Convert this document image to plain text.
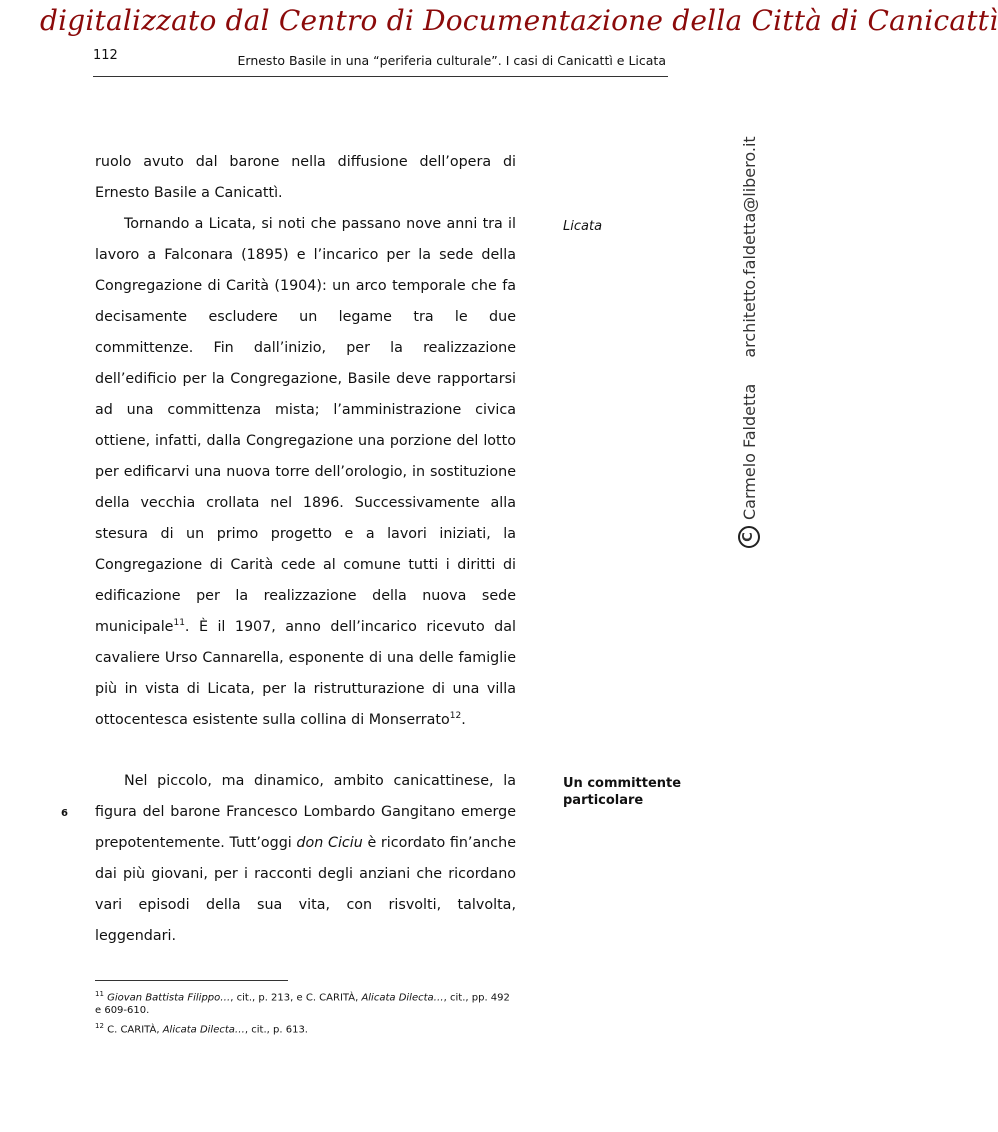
digitalizzato dal Centro di Documentazione della Città di Canicattì
112	Ernesto Basile in una “periferia culturale”. I casi di Canicattì e Licata

ruolo avuto dal barone nella diffusione dell’opera di Ernesto Basile a Canicattì.

Tornando a Licata, si noti che passano nove anni tra il lavoro a Falconara (1895) e l’incarico per la sede della Congregazione di Carità (1904): un arco temporale che fa decisamente escludere un legame tra le due committenze. Fin dall’inizio, per la realizzazione dell’edificio per la Congregazione, Basile deve rapportarsi ad una committenza mista; l’amministrazione civica ottiene, infatti, dalla Congregazione una porzione del lotto per edificarvi una nuova torre dell’orologio, in sostituzione della vecchia crollata nel 1896. Successivamente alla stesura di un primo progetto e a lavori iniziati, la Congregazione di Carità cede al comune tutti i diritti di edificazione per la realizzazione della nuova sede municipale$^{11}$. È il 1907, anno dell’incarico ricevuto dal cavaliere Urso Cannarella, esponente di una delle famiglie più in vista di Licata, per la ristrutturazione di una villa ottocentesca esistente sulla collina di Monserrato$^{12}$.

Nel piccolo, ma dinamico, ambito canicattinese, la figura del barone Francesco Lombardo Gangitano emerge prepotentemente. Tutt’oggi don Ciciu è ricordato fin’anche dai più giovani, per i racconti degli anziani che ricordano vari episodi della sua vita, con risvolti, talvolta, leggendari.

Licata
Un committente particolare
6
C
Carmelo Faldetta
architetto.faldetta@libero.it

$^{11}$ Giovan Battista Filippo…, cit., p. 213, e C. CARITÀ, Alicata Dilecta…, cit., pp. 492 e 609-610.

$^{12}$ C. CARITÀ, Alicata Dilecta…, cit., p. 613.
